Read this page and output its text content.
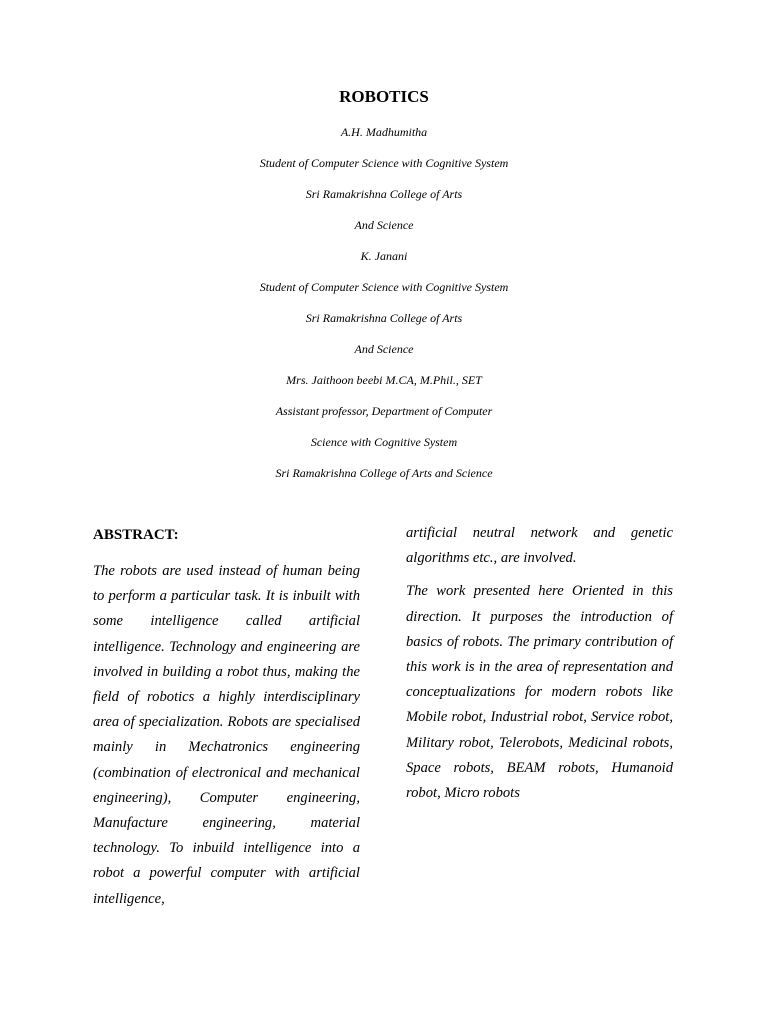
ROBOTICS
A.H. Madhumitha
Student of Computer Science with Cognitive System
Sri Ramakrishna College of Arts
And Science
K. Janani
Student of Computer Science with Cognitive System
Sri Ramakrishna College of Arts
And Science
Mrs. Jaithoon beebi M.CA, M.Phil., SET
Assistant professor, Department of Computer
Science with Cognitive System
Sri Ramakrishna College of Arts and Science
ABSTRACT:

The robots are used instead of human being to perform a particular task. It is inbuilt with some intelligence called artificial intelligence. Technology and engineering are involved in building a robot thus, making the field of robotics a highly interdisciplinary area of specialization. Robots are specialised mainly in Mechatronics engineering (combination of electronical and mechanical engineering), Computer engineering, Manufacture engineering, material technology. To inbuild intelligence into a robot a powerful computer with artificial intelligence,

artificial neutral network and genetic algorithms etc., are involved.

The work presented here Oriented in this direction. It purposes the introduction of basics of robots. The primary contribution of this work is in the area of representation and conceptualizations for modern robots like Mobile robot, Industrial robot, Service robot, Military robot, Telerobots, Medicinal robots, Space robots, BEAM robots, Humanoid robot, Micro robots
